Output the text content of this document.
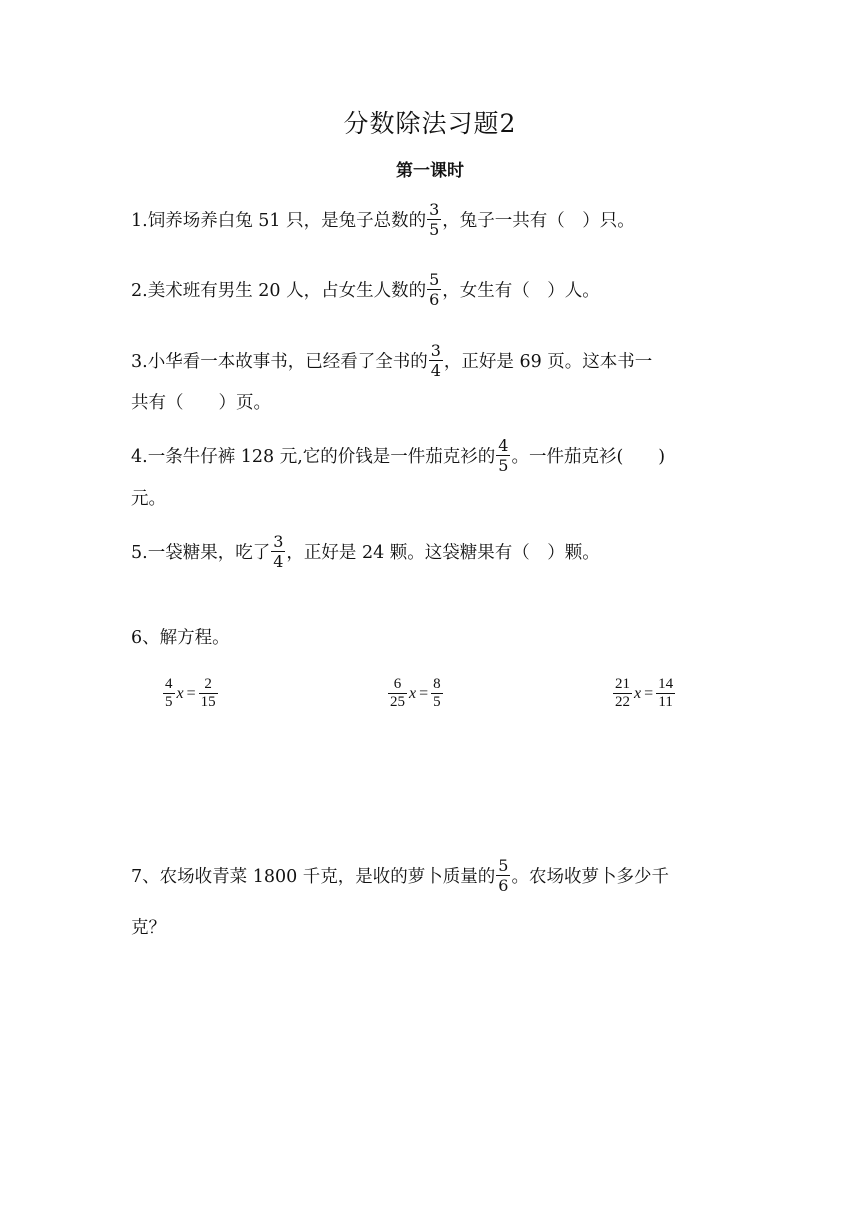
分数除法习题2
第一课时
1.饲养场养白兔 51 只，是兔子总数的 $\frac{3}{5}$ ，兔子一共有（　）只。
2.美术班有男生 20 人，占女生人数的 $\frac{5}{6}$ ，女生有（　）人。
3.小华看一本故事书，已经看了全书的 $\frac{3}{4}$ ，正好是 69 页。这本书一
共有（　　）页。
4.一条牛仔裤 128 元,它的价钱是一件茄克衫的 $\frac{4}{5}$ 。一件茄克衫(　　)
元。
5.一袋糖果，吃了 $\frac{3}{4}$ ，正好是 24 颗。这袋糖果有（　）颗。
6、解方程。
$\frac{4}{5}$ $x = \frac{2}{15}$	$\frac{6}{25}$ $x = \frac{8}{5}$	$\frac{21}{22}$ $x = \frac{14}{11}$
7、农场收青菜 1800 千克，是收的萝卜质量的 $\frac{5}{6}$ 。农场收萝卜多少千
克？
